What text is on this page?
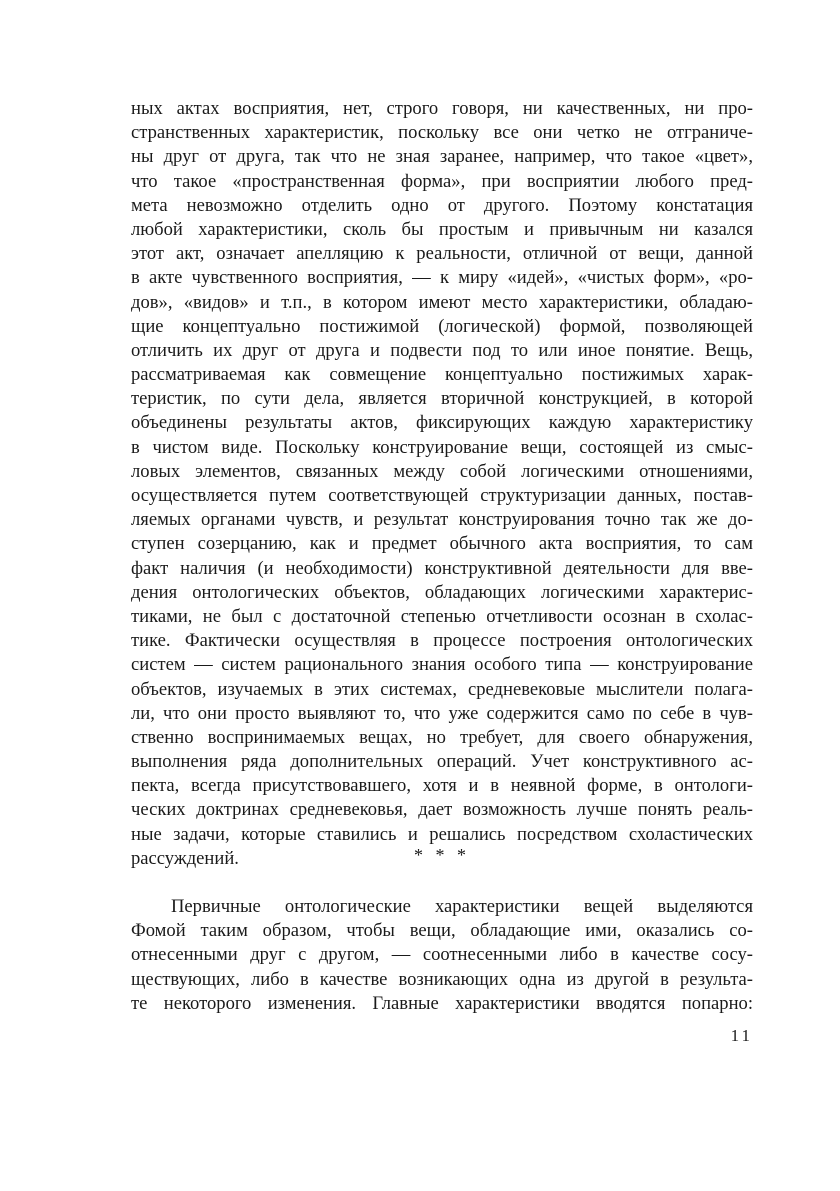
ных актах восприятия, нет, строго говоря, ни качественных, ни про-
странственных характеристик, поскольку все они четко не отграниче-
ны друг от друга, так что не зная заранее, например, что такое «цвет»,
что такое «пространственная форма», при восприятии любого пред-
мета невозможно отделить одно от другого. Поэтому констатация
любой характеристики, сколь бы простым и привычным ни казался
этот акт, означает апелляцию к реальности, отличной от вещи, данной
в акте чувственного восприятия, — к миру «идей», «чистых форм», «ро-
дов», «видов» и т.п., в котором имеют место характеристики, обладаю-
щие концептуально постижимой (логической) формой, позволяющей
отличить их друг от друга и подвести под то или иное понятие. Вещь,
рассматриваемая как совмещение концептуально постижимых харак-
теристик, по сути дела, является вторичной конструкцией, в которой
объединены результаты актов, фиксирующих каждую характеристику
в чистом виде. Поскольку конструирование вещи, состоящей из смыс-
ловых элементов, связанных между собой логическими отношениями,
осуществляется путем соответствующей структуризации данных, постав-
ляемых органами чувств, и результат конструирования точно так же до-
ступен созерцанию, как и предмет обычного акта восприятия, то сам
факт наличия (и необходимости) конструктивной деятельности для вве-
дения онтологических объектов, обладающих логическими характерис-
тиками, не был с достаточной степенью отчетливости осознан в схолас-
тике. Фактически осуществляя в процессе построения онтологических
систем — систем рационального знания особого типа — конструирование
объектов, изучаемых в этих системах, средневековые мыслители полага-
ли, что они просто выявляют то, что уже содержится само по себе в чув-
ственно воспринимаемых вещах, но требует, для своего обнаружения,
выполнения ряда дополнительных операций. Учет конструктивного ас-
пекта, всегда присутствовавшего, хотя и в неявной форме, в онтологи-
ческих доктринах средневековья, дает возможность лучше понять реаль-
ные задачи, которые ставились и решались посредством схоластических
рассуждений.	* * *
Первичные онтологические характеристики вещей выделяются
Фомой таким образом, чтобы вещи, обладающие ими, оказались со-
отнесенными друг с другом, — соотнесенными либо в качестве сосу-
ществующих, либо в качестве возникающих одна из другой в результа-
те некоторого изменения. Главные характеристики вводятся попарно:
11
